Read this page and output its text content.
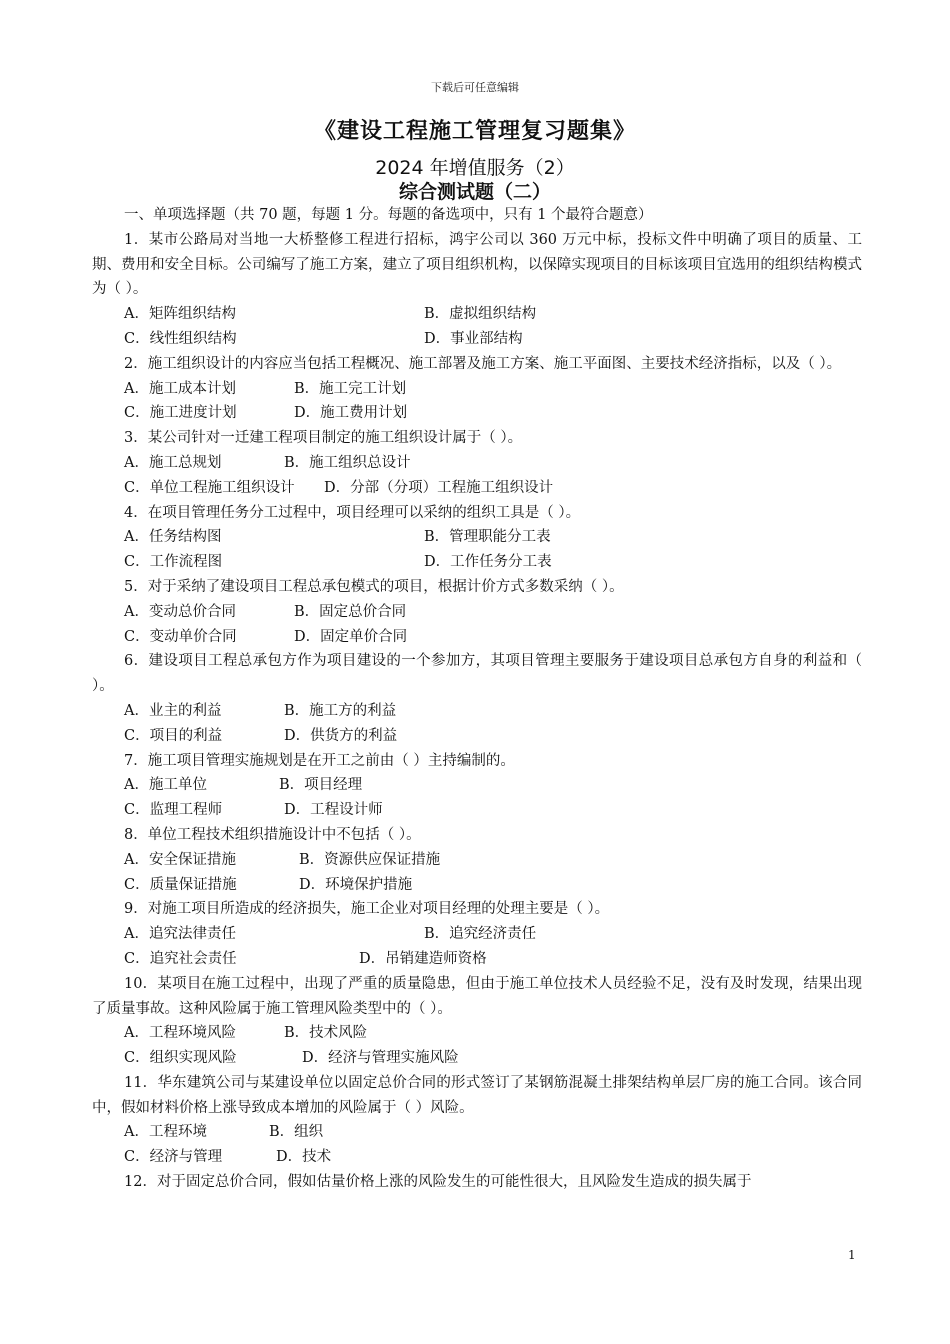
下载后可任意编辑
《建设工程施工管理复习题集》
2024 年增值服务（2）
综合测试题（二）
一、单项选择题（共 70 题，每题 1 分。每题的备选项中，只有 1 个最符合题意）
1．某市公路局对当地一大桥整修工程进行招标，鸿宇公司以 360 万元中标，投标文件中明确了项目的质量、工期、费用和安全目标。公司编写了施工方案，建立了项目组织机构，以保障实现项目的目标该项目宜选用的组织结构模式为（ ）。
A．矩阵组织结构	B．虚拟组织结构
C．线性组织结构	D．事业部结构
2．施工组织设计的内容应当包括工程概况、施工部署及施工方案、施工平面图、主要技术经济指标，以及（ ）。
A．施工成本计划	B．施工完工计划
C．施工进度计划	D．施工费用计划
3．某公司针对一迁建工程项目制定的施工组织设计属于（ ）。
A．施工总规划	B．施工组织总设计
C．单位工程施工组织设计 D．分部（分项）工程施工组织设计
4．在项目管理任务分工过程中，项目经理可以采纳的组织工具是（ ）。
A．任务结构图	B．管理职能分工表
C．工作流程图	D．工作任务分工表
5．对于采纳了建设项目工程总承包模式的项目，根据计价方式多数采纳（ ）。
A．变动总价合同	B．固定总价合同
C．变动单价合同	D．固定单价合同
6．建设项目工程总承包方作为项目建设的一个参加方，其项目管理主要服务于建设项目总承包方自身的利益和（ ）。
A．业主的利益	B．施工方的利益
C．项目的利益	D．供货方的利益
7．施工项目管理实施规划是在开工之前由（ ）主持编制的。
A．施工单位	B．项目经理
C．监理工程师	D．工程设计师
8．单位工程技术组织措施设计中不包括（ ）。
A．安全保证措施	B．资源供应保证措施
C．质量保证措施	D．环境保护措施
9．对施工项目所造成的经济损失，施工企业对项目经理的处理主要是（ ）。
A．追究法律责任	B．追究经济责任
C．追究社会责任	D．吊销建造师资格
10．某项目在施工过程中，出现了严重的质量隐患，但由于施工单位技术人员经验不足，没有及时发现，结果出现了质量事故。这种风险属于施工管理风险类型中的（ ）。
A．工程环境风险	B．技术风险
C．组织实现风险	D．经济与管理实施风险
11．华东建筑公司与某建设单位以固定总价合同的形式签订了某钢筋混凝土排架结构单层厂房的施工合同。该合同中，假如材料价格上涨导致成本增加的风险属于（ ）风险。
A．工程环境	B．组织
C．经济与管理	D．技术
12．对于固定总价合同，假如估量价格上涨的风险发生的可能性很大，且风险发生造成的损失属于
1
